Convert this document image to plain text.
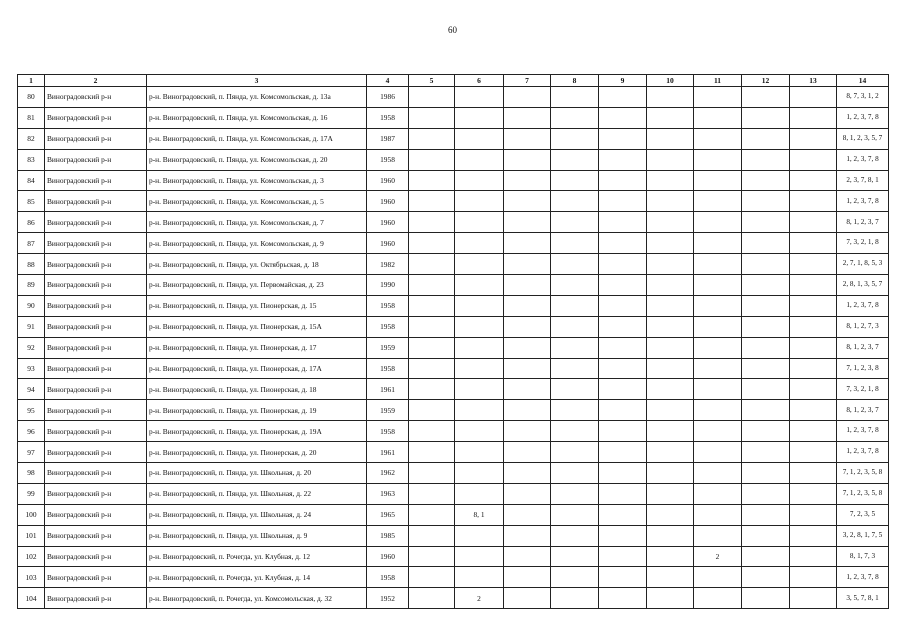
60
1	2	3	4	5	6	7	8	9	10	11	12	13	14
80	Виноградовский р-н	р-н. Виноградовский, п. Пянда, ул. Комсомольская, д. 13а	1986										8, 7, 3, 1, 2
81	Виноградовский р-н	р-н. Виноградовский, п. Пянда, ул. Комсомольская, д. 16	1958										1, 2, 3, 7, 8
82	Виноградовский р-н	р-н. Виноградовский, п. Пянда, ул. Комсомольская, д. 17А	1987										8, 1, 2, 3, 5, 7
83	Виноградовский р-н	р-н. Виноградовский, п. Пянда, ул. Комсомольская, д. 20	1958										1, 2, 3, 7, 8
84	Виноградовский р-н	р-н. Виноградовский, п. Пянда, ул. Комсомольская, д. 3	1960										2, 3, 7, 8, 1
85	Виноградовский р-н	р-н. Виноградовский, п. Пянда, ул. Комсомольская, д. 5	1960										1, 2, 3, 7, 8
86	Виноградовский р-н	р-н. Виноградовский, п. Пянда, ул. Комсомольская, д. 7	1960										8, 1, 2, 3, 7
87	Виноградовский р-н	р-н. Виноградовский, п. Пянда, ул. Комсомольская, д. 9	1960										7, 3, 2, 1, 8
88	Виноградовский р-н	р-н. Виноградовский, п. Пянда, ул. Октябрьская, д. 18	1982										2, 7, 1, 8, 5, 3
89	Виноградовский р-н	р-н. Виноградовский, п. Пянда, ул. Первомайская, д. 23	1990										2, 8, 1, 3, 5, 7
90	Виноградовский р-н	р-н. Виноградовский, п. Пянда, ул. Пионерская, д. 15	1958										1, 2, 3, 7, 8
91	Виноградовский р-н	р-н. Виноградовский, п. Пянда, ул. Пионерская, д. 15А	1958										8, 1, 2, 7, 3
92	Виноградовский р-н	р-н. Виноградовский, п. Пянда, ул. Пионерская, д. 17	1959										8, 1, 2, 3, 7
93	Виноградовский р-н	р-н. Виноградовский, п. Пянда, ул. Пионерская, д. 17А	1958										7, 1, 2, 3, 8
94	Виноградовский р-н	р-н. Виноградовский, п. Пянда, ул. Пионерская, д. 18	1961										7, 3, 2, 1, 8
95	Виноградовский р-н	р-н. Виноградовский, п. Пянда, ул. Пионерская, д. 19	1959										8, 1, 2, 3, 7
96	Виноградовский р-н	р-н. Виноградовский, п. Пянда, ул. Пионерская, д. 19А	1958										1, 2, 3, 7, 8
97	Виноградовский р-н	р-н. Виноградовский, п. Пянда, ул. Пионерская, д. 20	1961										1, 2, 3, 7, 8
98	Виноградовский р-н	р-н. Виноградовский, п. Пянда, ул. Школьная, д. 20	1962										7, 1, 2, 3, 5, 8
99	Виноградовский р-н	р-н. Виноградовский, п. Пянда, ул. Школьная, д. 22	1963										7, 1, 2, 3, 5, 8
100	Виноградовский р-н	р-н. Виноградовский, п. Пянда, ул. Школьная, д. 24	1965		8, 1								7, 2, 3, 5
101	Виноградовский р-н	р-н. Виноградовский, п. Пянда, ул. Школьная, д. 9	1985										3, 2, 8, 1, 7, 5
102	Виноградовский р-н	р-н. Виноградовский, п. Рочегда, ул. Клубная, д. 12	1960							2			8, 1, 7, 3
103	Виноградовский р-н	р-н. Виноградовский, п. Рочегда, ул. Клубная, д. 14	1958										1, 2, 3, 7, 8
104	Виноградовский р-н	р-н. Виноградовский, п. Рочегда, ул. Комсомольская, д. 32	1952		2								3, 5, 7, 8, 1
